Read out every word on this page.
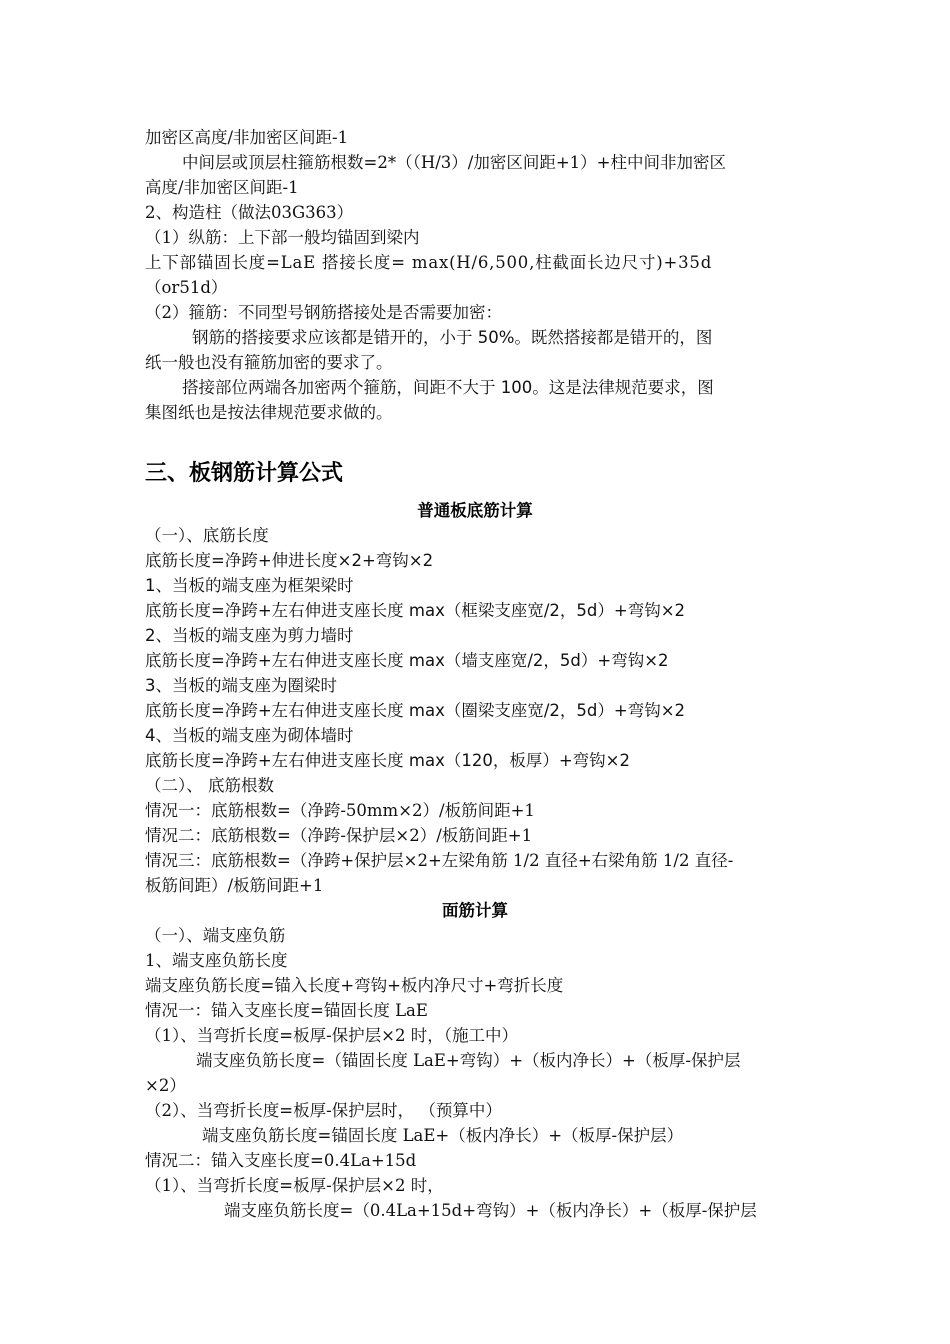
加密区高度/非加密区间距-1
中间层或顶层柱箍筋根数=2*（（H/3）/加密区间距+1）+柱中间非加密区
高度/非加密区间距-1
2、构造柱（做法03G363）
（1）纵筋：上下部一般均锚固到梁内
上下部锚固长度=LaE 搭接长度= max(H/6,500,柱截面长边尺寸)+35d
（or51d）
（2）箍筋：不同型号钢筋搭接处是否需要加密：
钢筋的搭接要求应该都是错开的，小于 50%。既然搭接都是错开的，图
纸一般也没有箍筋加密的要求了。
搭接部位两端各加密两个箍筋，间距不大于 100。这是法律规范要求，图
集图纸也是按法律规范要求做的。
三、板钢筋计算公式
普通板底筋计算
（一）、底筋长度
底筋长度=净跨+伸进长度×2+弯钩×2
1、当板的端支座为框架梁时
底筋长度=净跨+左右伸进支座长度 max（框梁支座宽/2，5d）+弯钩×2
2、当板的端支座为剪力墙时
底筋长度=净跨+左右伸进支座长度 max（墙支座宽/2，5d）+弯钩×2
3、当板的端支座为圈梁时
底筋长度=净跨+左右伸进支座长度 max（圈梁支座宽/2，5d）+弯钩×2
4、当板的端支座为砌体墙时
底筋长度=净跨+左右伸进支座长度 max（120，板厚）+弯钩×2
（二）、 底筋根数
情况一：底筋根数=（净跨-50mm×2）/板筋间距+1
情况二：底筋根数=（净跨-保护层×2）/板筋间距+1
情况三：底筋根数=（净跨+保护层×2+左梁角筋 1/2 直径+右梁角筋 1/2 直径-
板筋间距）/板筋间距+1
面筋计算
（一）、端支座负筋
1、端支座负筋长度
端支座负筋长度=锚入长度+弯钩+板内净尺寸+弯折长度
情况一：锚入支座长度=锚固长度 LaE
（1）、当弯折长度=板厚-保护层×2 时，（施工中）
端支座负筋长度=（锚固长度 LaE+弯钩）+（板内净长）+（板厚-保护层
×2）
（2）、当弯折长度=板厚-保护层时， （预算中）
端支座负筋长度=锚固长度 LaE+（板内净长）+（板厚-保护层）
情况二：锚入支座长度=0.4La+15d
（1）、当弯折长度=板厚-保护层×2 时，
端支座负筋长度=（0.4La+15d+弯钩）+（板内净长）+（板厚-保护层
